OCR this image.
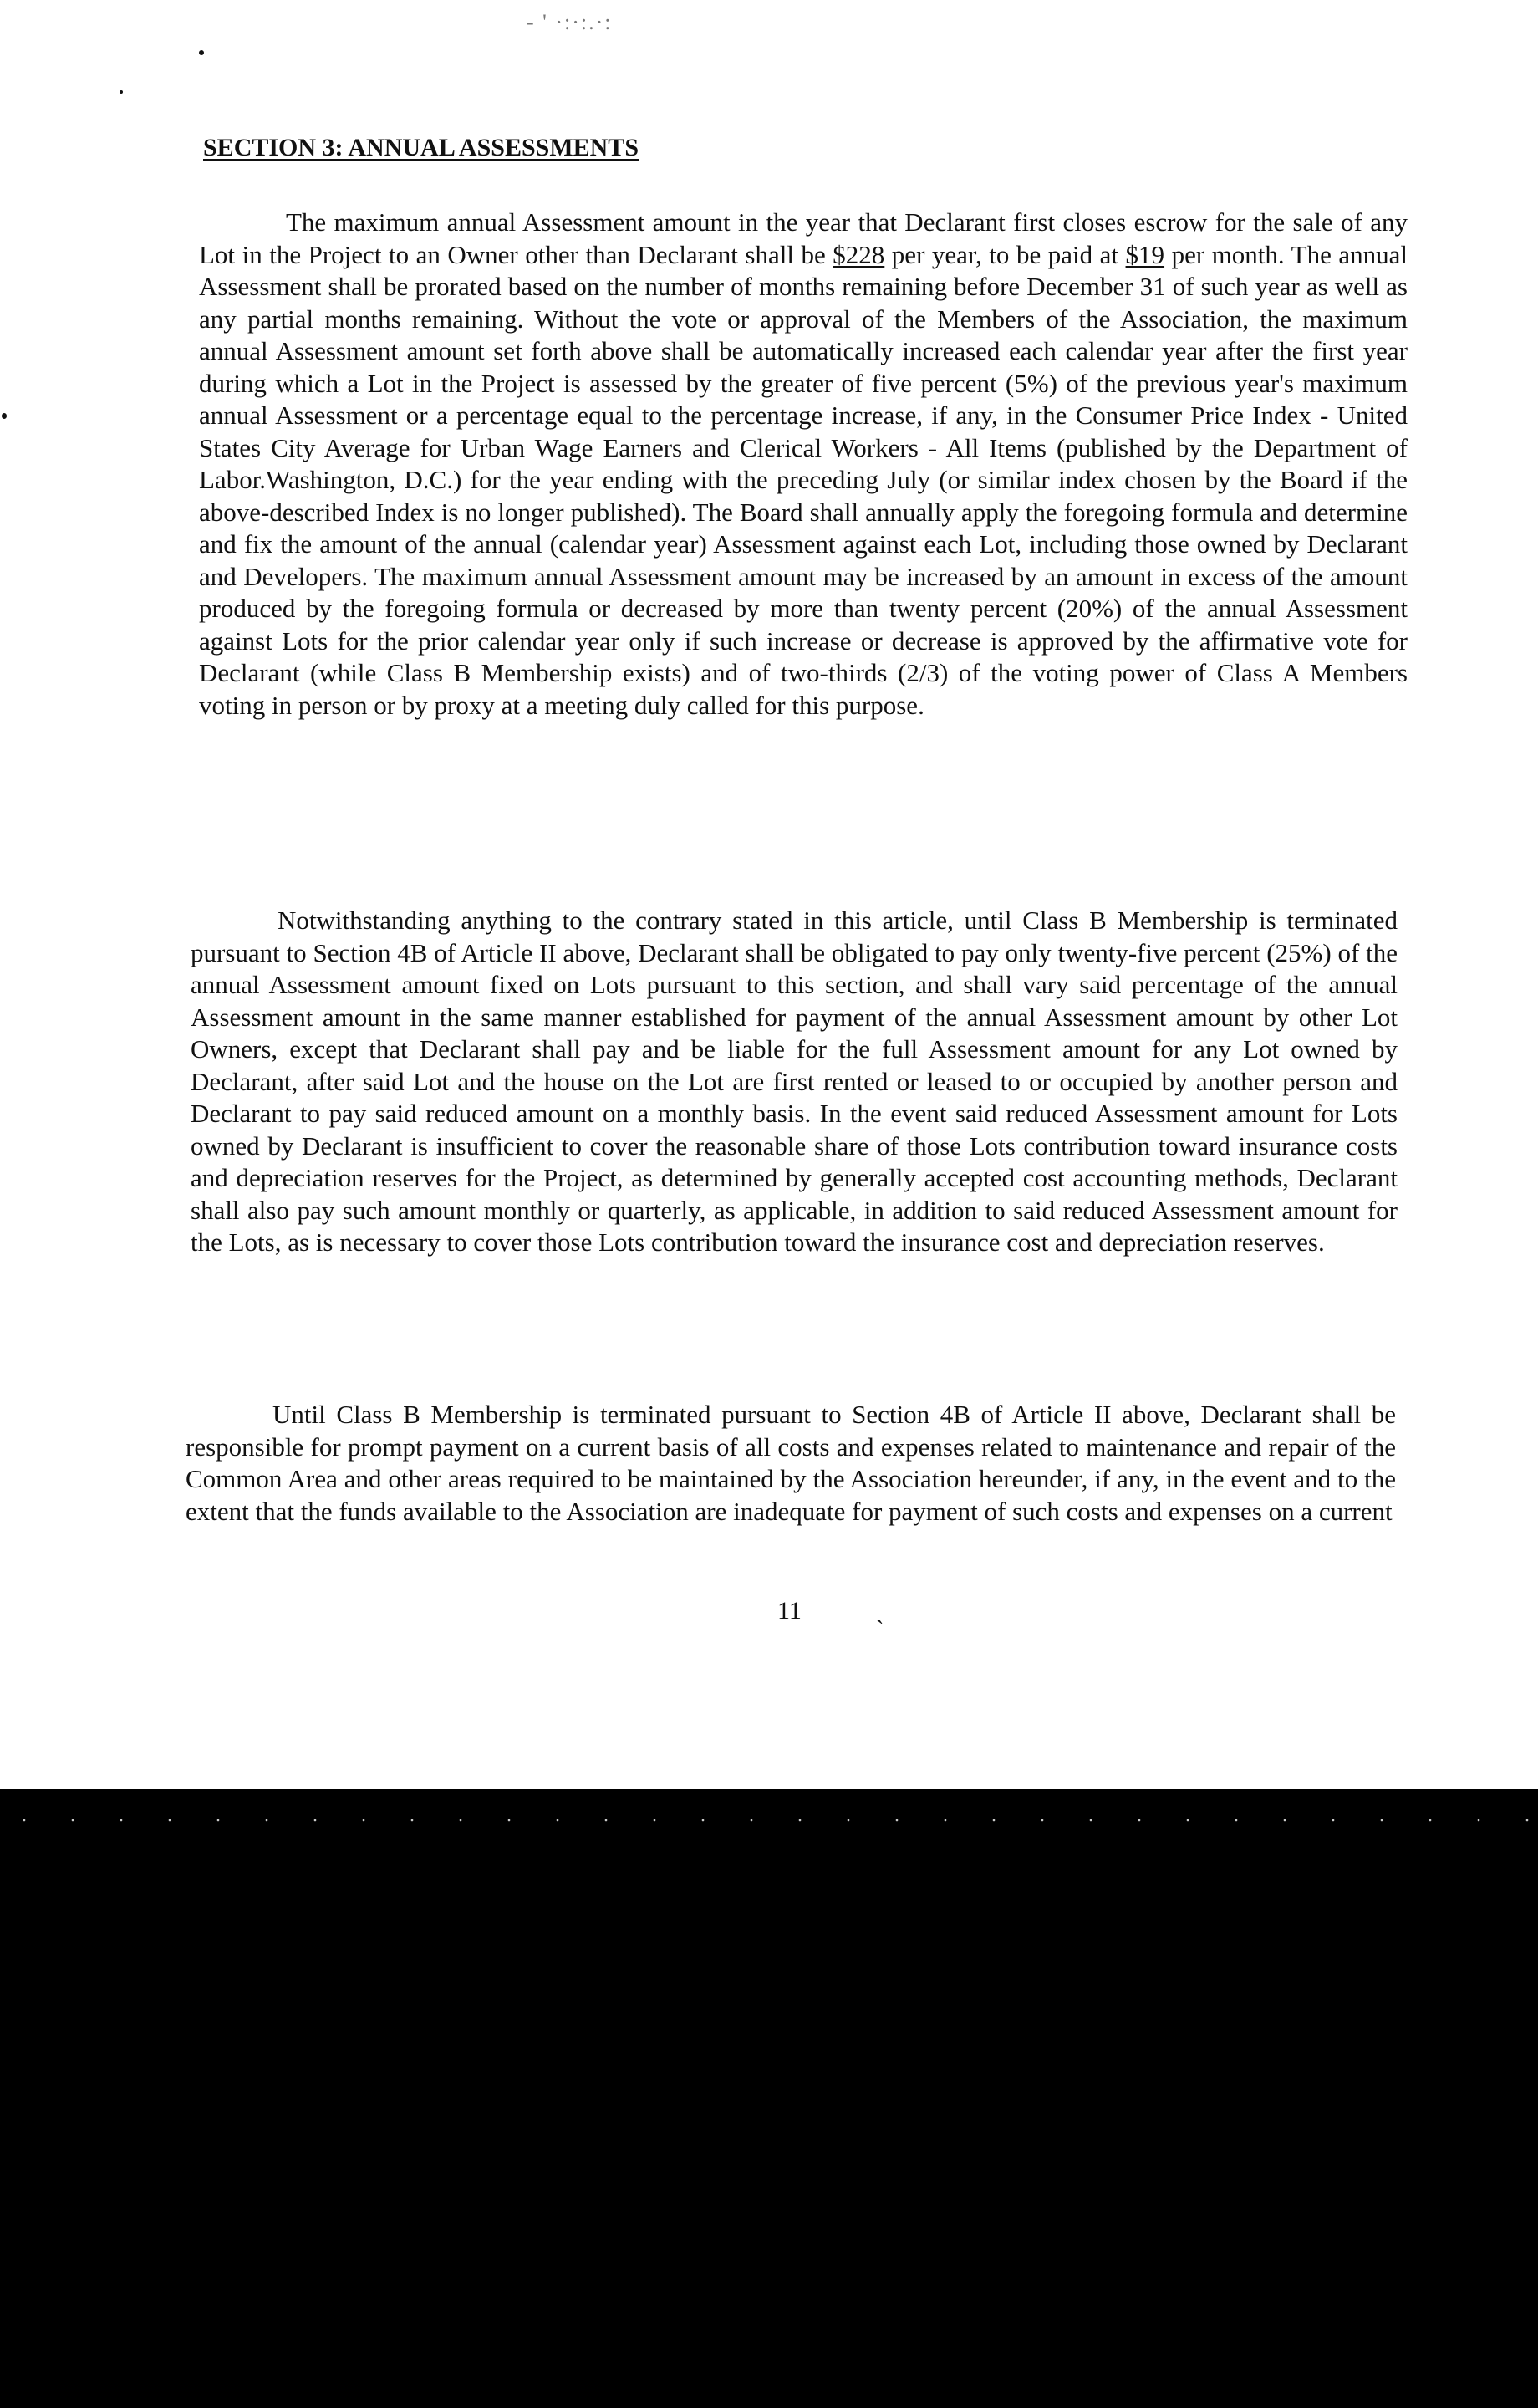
- ' ·:·:.·:
SECTION 3: ANNUAL ASSESSMENTS

The maximum annual Assessment amount in the year that Declarant first closes escrow for the sale of any Lot in the Project to an Owner other than Declarant shall be $228 per year, to be paid at $19 per month. The annual Assessment shall be prorated based on the number of months remaining before December 31 of such year as well as any partial months remaining. Without the vote or approval of the Members of the Association, the maximum annual Assessment amount set forth above shall be automatically increased each calendar year after the first year during which a Lot in the Project is assessed by the greater of five percent (5%) of the previous year's maximum annual Assessment or a percentage equal to the percentage increase, if any, in the Consumer Price Index - United States City Average for Urban Wage Earners and Clerical Workers - All Items (published by the Department of Labor.Washington, D.C.) for the year ending with the preceding July (or similar index chosen by the Board if the above-described Index is no longer published). The Board shall annually apply the foregoing formula and determine and fix the amount of the annual (calendar year) Assessment against each Lot, including those owned by Declarant and Developers. The maximum annual Assessment amount may be increased by an amount in excess of the amount produced by the foregoing formula or decreased by more than twenty percent (20%) of the annual Assessment against Lots for the prior calendar year only if such increase or decrease is approved by the affirmative vote for Declarant (while Class B Membership exists) and of two-thirds (2/3) of the voting power of Class A Members voting in person or by proxy at a meeting duly called for this purpose.

Notwithstanding anything to the contrary stated in this article, until Class B Membership is terminated pursuant to Section 4B of Article II above, Declarant shall be obligated to pay only twenty-five percent (25%) of the annual Assessment amount fixed on Lots pursuant to this section, and shall vary said percentage of the annual Assessment amount in the same manner established for payment of the annual Assessment amount by other Lot Owners, except that Declarant shall pay and be liable for the full Assessment amount for any Lot owned by Declarant, after said Lot and the house on the Lot are first rented or leased to or occupied by another person and Declarant to pay said reduced amount on a monthly basis. In the event said reduced Assessment amount for Lots owned by Declarant is insufficient to cover the reasonable share of those Lots contribution toward insurance costs and depreciation reserves for the Project, as determined by generally accepted cost accounting methods, Declarant shall also pay such amount monthly or quarterly, as applicable, in addition to said reduced Assessment amount for the Lots, as is necessary to cover those Lots contribution toward the insurance cost and depreciation reserves.

Until Class B Membership is terminated pursuant to Section 4B of Article II above, Declarant shall be responsible for prompt payment on a current basis of all costs and expenses related to maintenance and repair of the Common Area and other areas required to be maintained by the Association hereunder, if any, in the event and to the extent that the funds available to the Association are inadequate for payment of such costs and expenses on a current

11	ˏ
